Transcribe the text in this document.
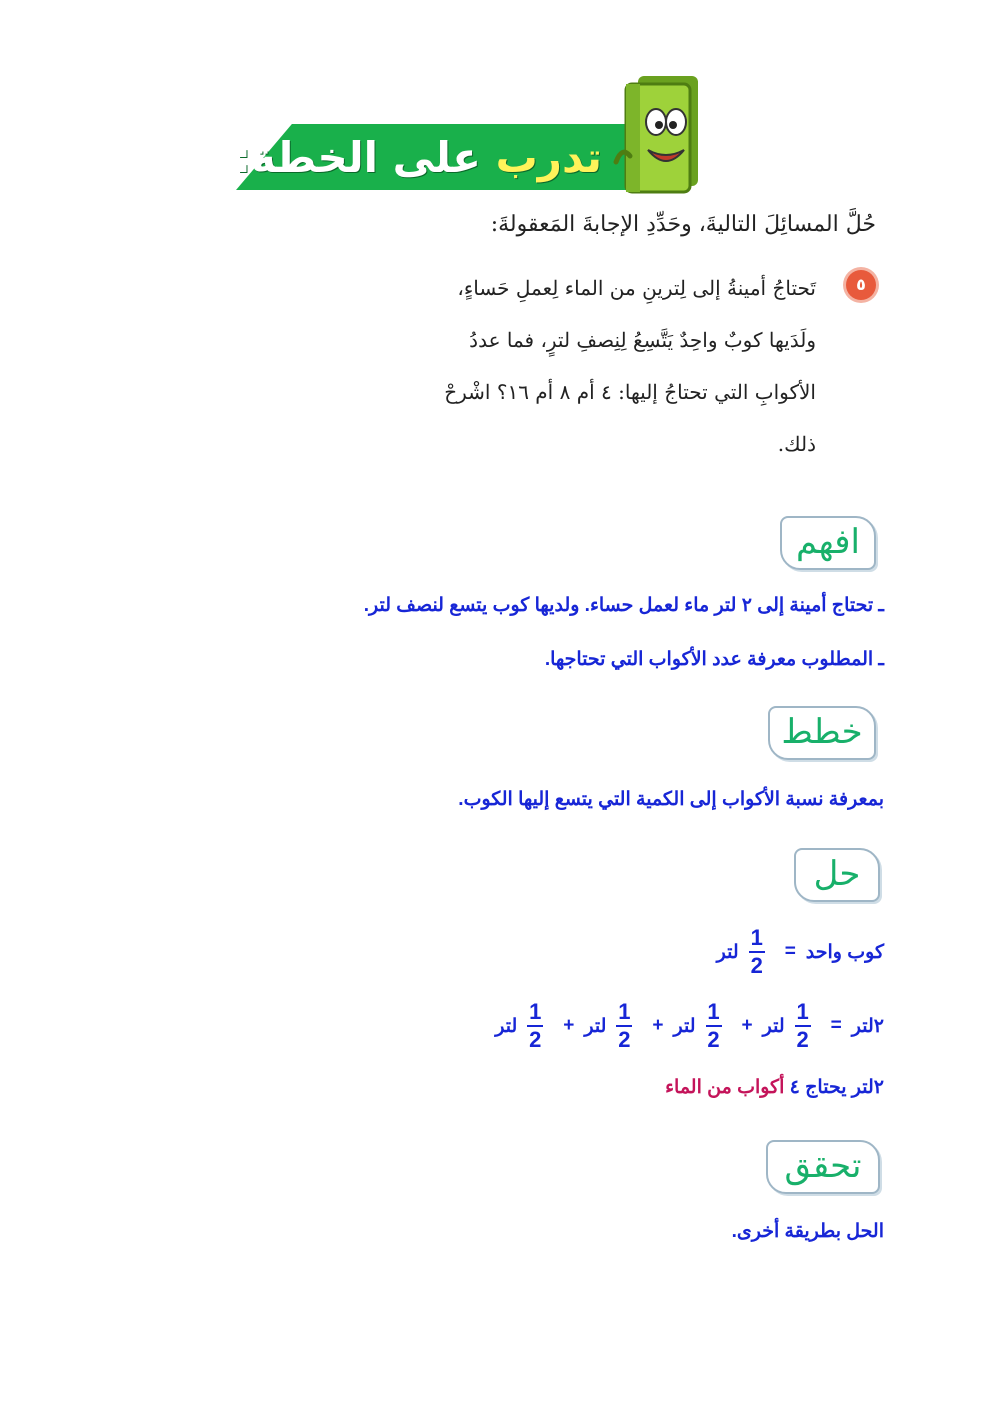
تدرب على الخطة:
حُلَّ المسائِلَ التاليةَ، وحَدِّدِ الإجابةَ المَعقولةَ:
٥
تَحتاجُ أمينةُ إلى لِترينِ من الماء لِعملِ حَساءٍ،
ولَدَيها كوبٌ واحِدٌ يَتَّسِعُ لِنِصفِ لترٍ، فما عددُ
الأكوابِ التي تحتاجُ إليها: ٤ أم ٨ أم ١٦؟ اشْرحْ
ذلك.
افهم
ـ تحتاج أمينة إلى ٢ لتر ماء لعمل حساء. ولديها كوب يتسع لنصف لتر.
ـ المطلوب معرفة عدد الأكواب التي تحتاجها.
خطط
بمعرفة نسبة الأكواب إلى الكمية التي يتسع إليها الكوب.
حل
كوب واحد
=
$\frac{1}{2}$
لتر
٢لتر
=
$\frac{1}{2}$
لتر
+
$\frac{1}{2}$
لتر
+
$\frac{1}{2}$
لتر
+
$\frac{1}{2}$
لتر
٢لتر يحتاج ٤ أكواب من الماء
تحقق
الحل بطريقة أخرى.
